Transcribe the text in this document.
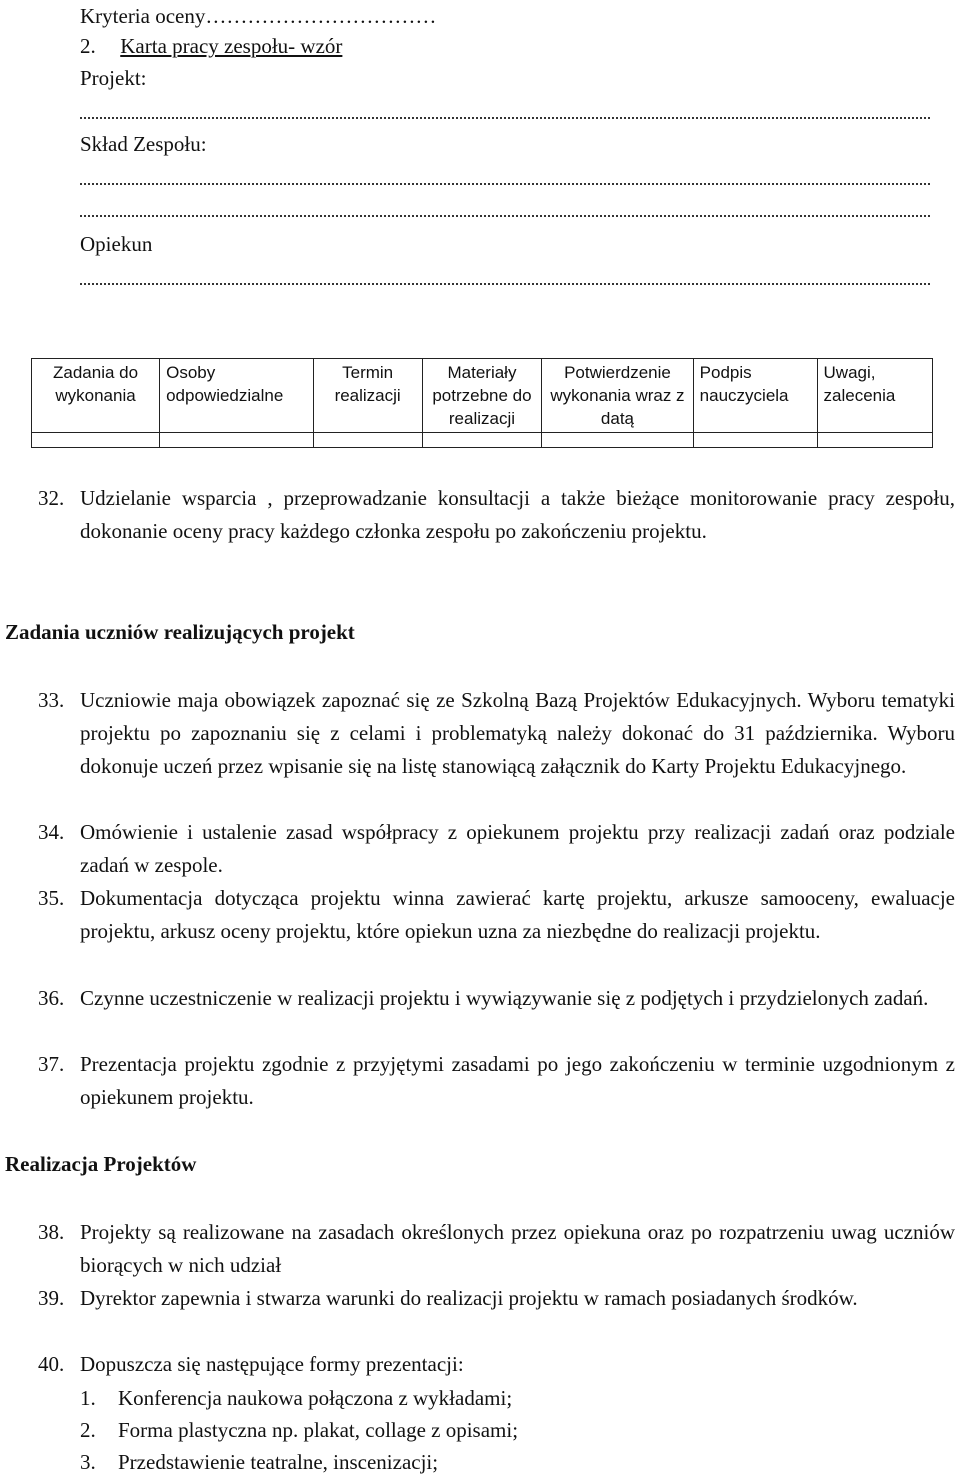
Kryteria oceny……………………………
2. Karta pracy zespołu- wzór
Projekt:
Skład Zespołu:
Opiekun
Zadania do wykonania	Osoby odpowiedzialne	Termin realizacji	Materiały potrzebne do realizacji	Potwierdzenie wykonania wraz z datą	Podpis nauczyciela	Uwagi, zalecenia

32. Udzielanie wsparcia , przeprowadzanie konsultacji a także bieżące monitorowanie pracy zespołu, dokonanie oceny pracy każdego członka zespołu po zakończeniu projektu.
Zadania uczniów realizujących projekt
33. Uczniowie maja obowiązek zapoznać się ze Szkolną Bazą Projektów Edukacyjnych. Wyboru tematyki projektu po zapoznaniu się z celami i problematyką należy dokonać do 31 października. Wyboru dokonuje uczeń przez wpisanie się na listę stanowiącą załącznik do Karty Projektu Edukacyjnego.
34. Omówienie i ustalenie zasad współpracy z opiekunem projektu przy realizacji zadań oraz podziale zadań w zespole.
35. Dokumentacja dotycząca projektu winna zawierać kartę projektu, arkusze samooceny, ewaluacje projektu, arkusz oceny projektu, które opiekun uzna za niezbędne do realizacji projektu.
36. Czynne uczestniczenie w realizacji projektu i wywiązywanie się z podjętych i przydzielonych zadań.
37. Prezentacja projektu zgodnie z przyjętymi zasadami po jego zakończeniu w terminie uzgodnionym z opiekunem projektu.
Realizacja Projektów
38. Projekty są realizowane na zasadach określonych przez opiekuna oraz po rozpatrzeniu uwag uczniów biorących w nich udział
39. Dyrektor zapewnia i stwarza warunki do realizacji projektu w ramach posiadanych środków.
40. Dopuszcza się następujące formy prezentacji:
1. Konferencja naukowa połączona z wykładami;
2. Forma plastyczna np. plakat, collage z opisami;
3. Przedstawienie teatralne, inscenizacji;
